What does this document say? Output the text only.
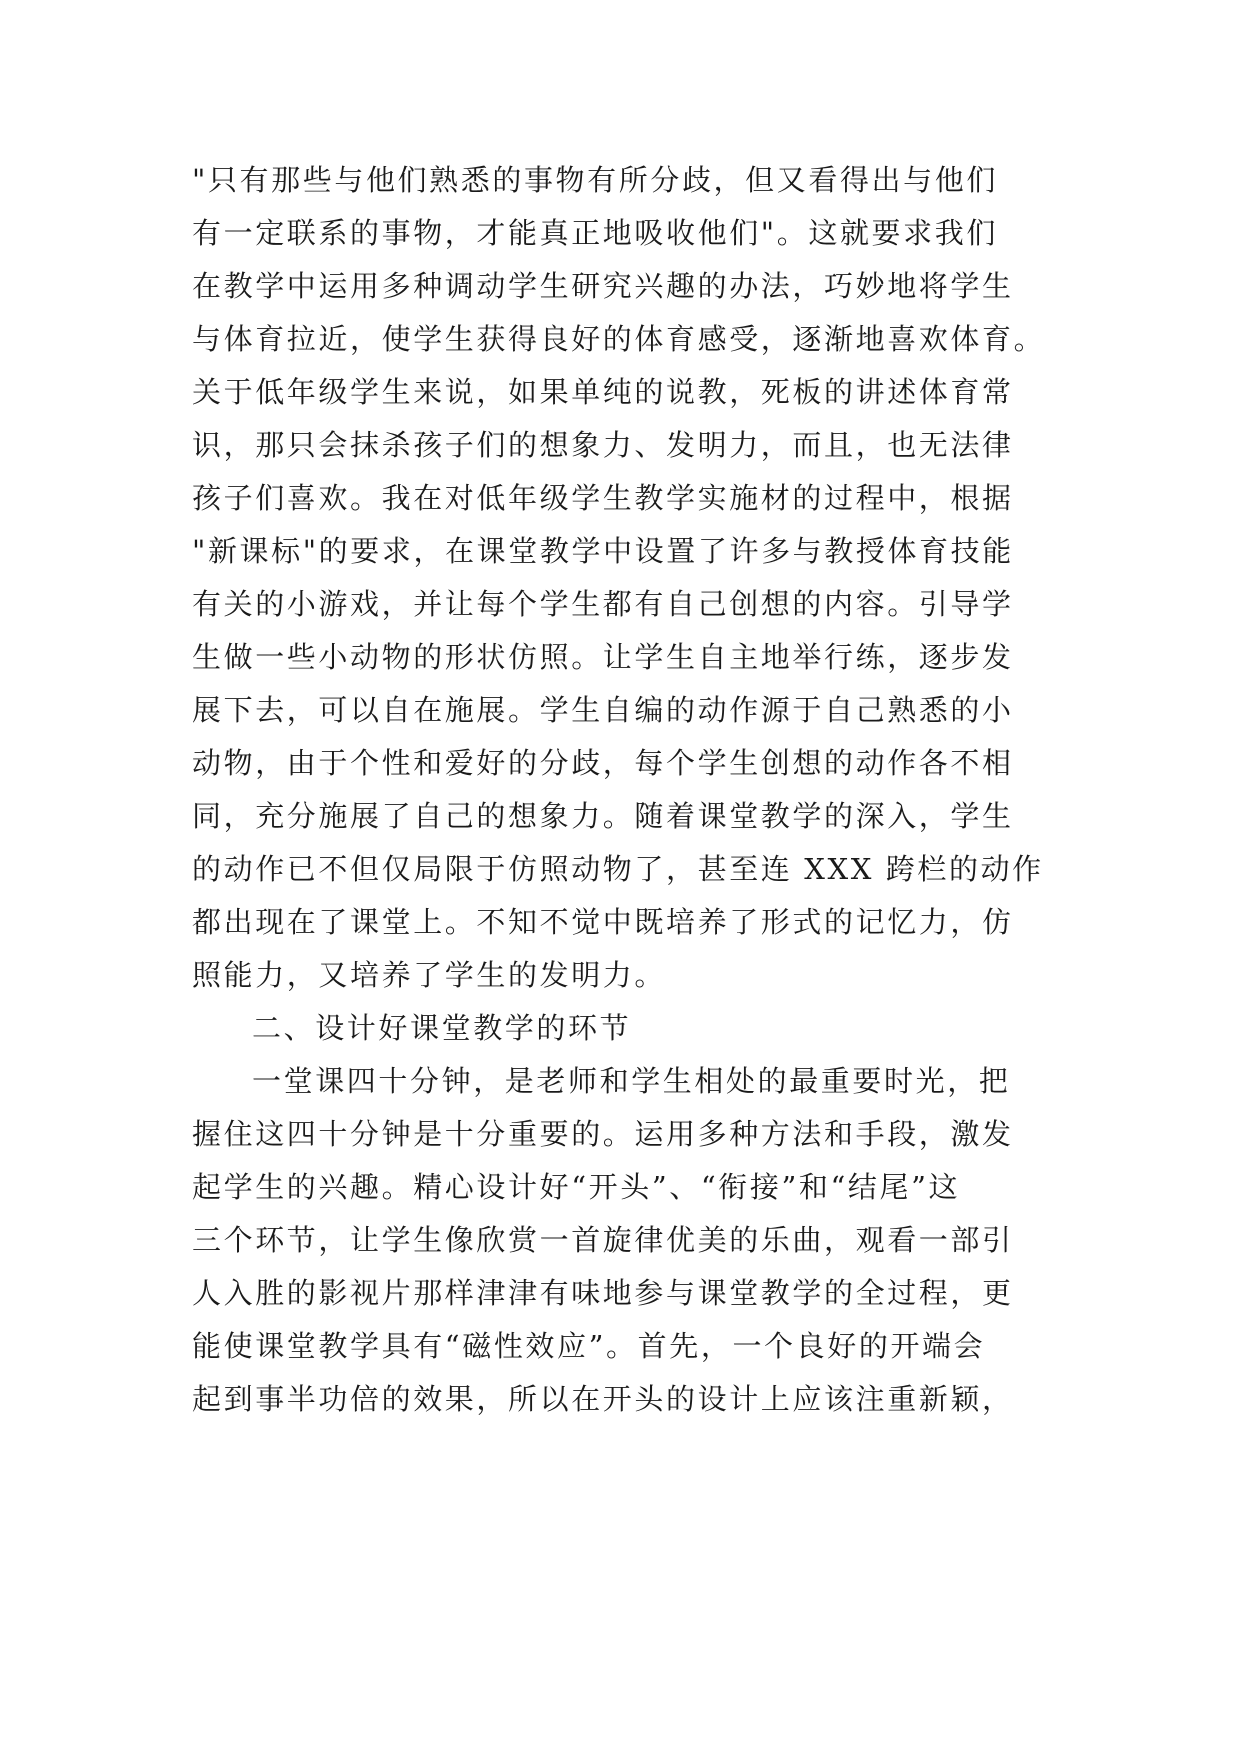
"只有那些与他们熟悉的事物有所分歧，但又看得出与他们
有一定联系的事物，才能真正地吸收他们"。这就要求我们
在教学中运用多种调动学生研究兴趣的办法，巧妙地将学生
与体育拉近，使学生获得良好的体育感受，逐渐地喜欢体育。
关于低年级学生来说，如果单纯的说教，死板的讲述体育常
识，那只会抹杀孩子们的想象力、发明力，而且，也无法律
孩子们喜欢。我在对低年级学生教学实施材的过程中，根据
"新课标"的要求，在课堂教学中设置了许多与教授体育技能
有关的小游戏，并让每个学生都有自己创想的内容。引导学
生做一些小动物的形状仿照。让学生自主地举行练，逐步发
展下去，可以自在施展。学生自编的动作源于自己熟悉的小
动物，由于个性和爱好的分歧，每个学生创想的动作各不相
同，充分施展了自己的想象力。随着课堂教学的深入，学生
的动作已不但仅局限于仿照动物了，甚至连 XXX 跨栏的动作
都出现在了课堂上。不知不觉中既培养了形式的记忆力，仿
照能力，又培养了学生的发明力。
二、设计好课堂教学的环节
一堂课四十分钟，是老师和学生相处的最重要时光，把
握住这四十分钟是十分重要的。运用多种方法和手段，激发
起学生的兴趣。精心设计好“开头”、“衔接”和“结尾”这
三个环节，让学生像欣赏一首旋律优美的乐曲，观看一部引
人入胜的影视片那样津津有味地参与课堂教学的全过程，更
能使课堂教学具有“磁性效应”。首先，一个良好的开端会
起到事半功倍的效果，所以在开头的设计上应该注重新颖，
